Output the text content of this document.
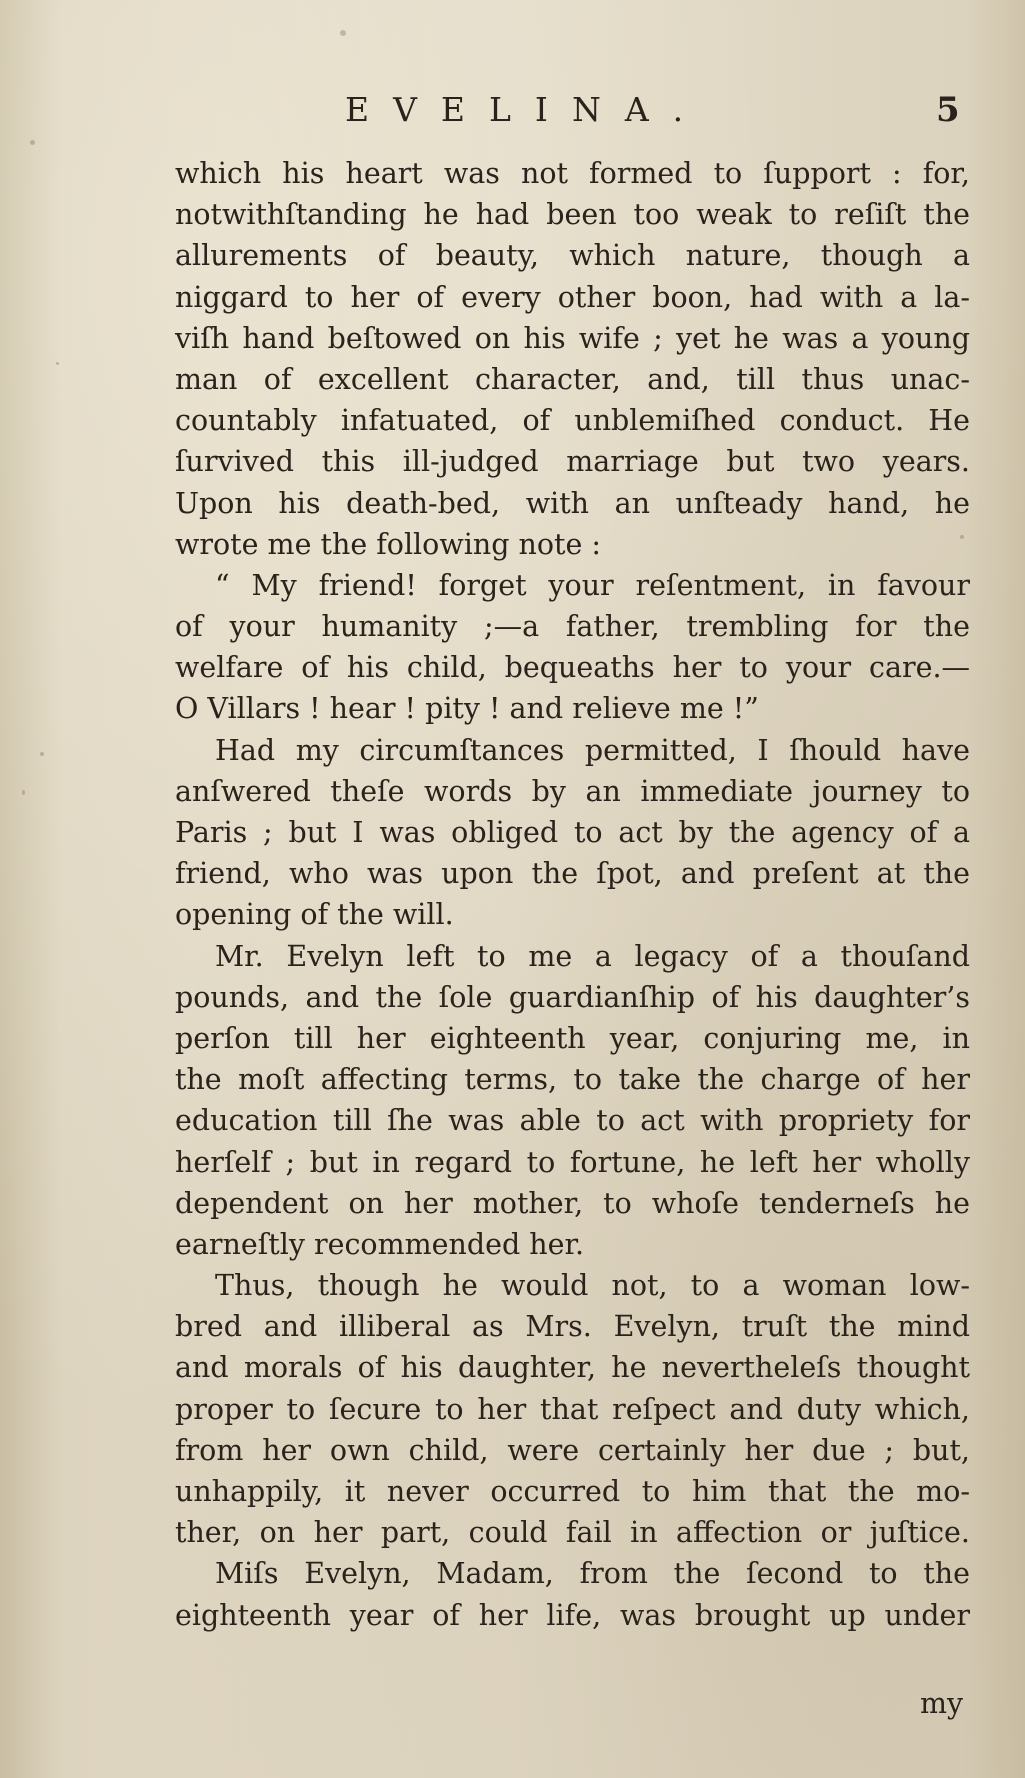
EVELINA.	5
which his heart was not formed to ſupport : for,
notwithſtanding he had been too weak to reſiſt the
allurements of beauty, which nature, though a
niggard to her of every other boon, had with a la-
viſh hand beſtowed on his wife ; yet he was a young
man of excellent character, and, till thus unac-
countably infatuated, of unblemiſhed conduct. He
ſurvived this ill-judged marriage but two years.
Upon his death-bed, with an unſteady hand, he
wrote me the following note :
“ My friend! forget your reſentment, in favour
of your humanity ;—a father, trembling for the
welfare of his child, bequeaths her to your care.—
O Villars ! hear ! pity ! and relieve me !”
Had my circumſtances permitted, I ſhould have
anſwered theſe words by an immediate journey to
Paris ; but I was obliged to act by the agency of a
friend, who was upon the ſpot, and preſent at the
opening of the will.
Mr. Evelyn left to me a legacy of a thouſand
pounds, and the ſole guardianſhip of his daughter’s
perſon till her eighteenth year, conjuring me, in
the moſt affecting terms, to take the charge of her
education till ſhe was able to act with propriety for
herſelf ; but in regard to fortune, he left her wholly
dependent on her mother, to whoſe tenderneſs he
earneſtly recommended her.
Thus, though he would not, to a woman low-
bred and illiberal as Mrs. Evelyn, truſt the mind
and morals of his daughter, he nevertheleſs thought
proper to ſecure to her that reſpect and duty which,
from her own child, were certainly her due ; but,
unhappily, it never occurred to him that the mo-
ther, on her part, could fail in affection or juſtice.
Miſs Evelyn, Madam, from the ſecond to the
eighteenth year of her life, was brought up under
my
